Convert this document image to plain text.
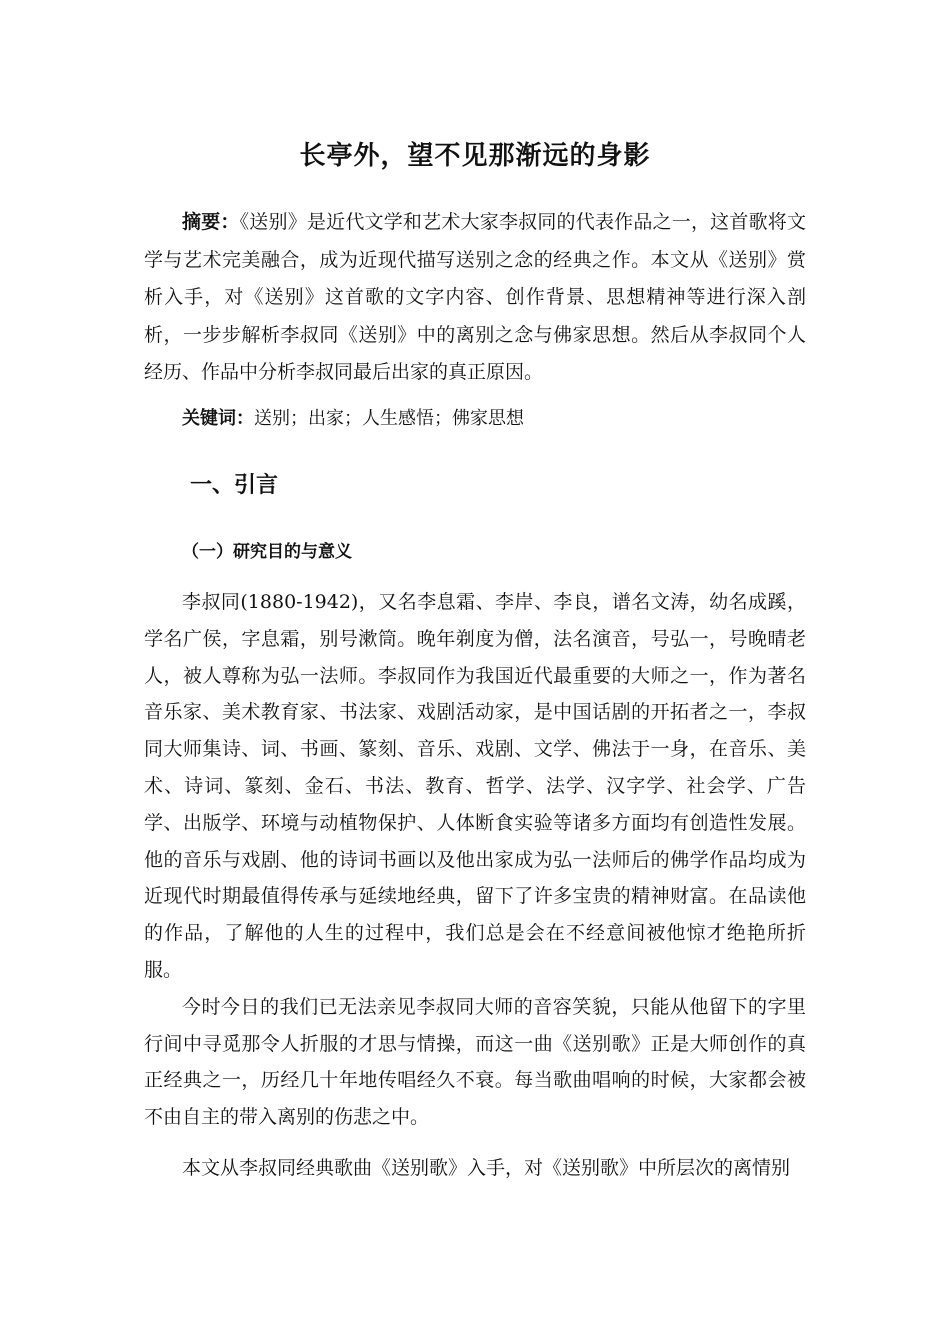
长亭外，望不见那渐远的身影

摘要：《送别》是近代文学和艺术大家李叔同的代表作品之一，这首歌将文学与艺术完美融合，成为近现代描写送别之念的经典之作。本文从《送别》赏析入手，对《送别》这首歌的文字内容、创作背景、思想精神等进行深入剖析，一步步解析李叔同《送别》中的离别之念与佛家思想。然后从李叔同个人经历、作品中分析李叔同最后出家的真正原因。

关键词：送别；出家；人生感悟；佛家思想

一、引言
（一）研究目的与意义

李叔同(1880-1942)，又名李息霜、李岸、李良，谱名文涛，幼名成蹊，学名广侯，字息霜，别号漱筒。晚年剃度为僧，法名演音，号弘一，号晚晴老人，被人尊称为弘一法师。李叔同作为我国近代最重要的大师之一，作为著名音乐家、美术教育家、书法家、戏剧活动家，是中国话剧的开拓者之一，李叔同大师集诗、词、书画、篆刻、音乐、戏剧、文学、佛法于一身，在音乐、美术、诗词、篆刻、金石、书法、教育、哲学、法学、汉字学、社会学、广告学、出版学、环境与动植物保护、人体断食实验等诸多方面均有创造性发展。他的音乐与戏剧、他的诗词书画以及他出家成为弘一法师后的佛学作品均成为近现代时期最值得传承与延续地经典，留下了许多宝贵的精神财富。在品读他的作品，了解他的人生的过程中，我们总是会在不经意间被他惊才绝艳所折服。

今时今日的我们已无法亲见李叔同大师的音容笑貌，只能从他留下的字里行间中寻觅那令人折服的才思与情操，而这一曲《送别歌》正是大师创作的真正经典之一，历经几十年地传唱经久不衰。每当歌曲唱响的时候，大家都会被不由自主的带入离别的伤悲之中。

本文从李叔同经典歌曲《送别歌》入手，对《送别歌》中所层次的离情别
